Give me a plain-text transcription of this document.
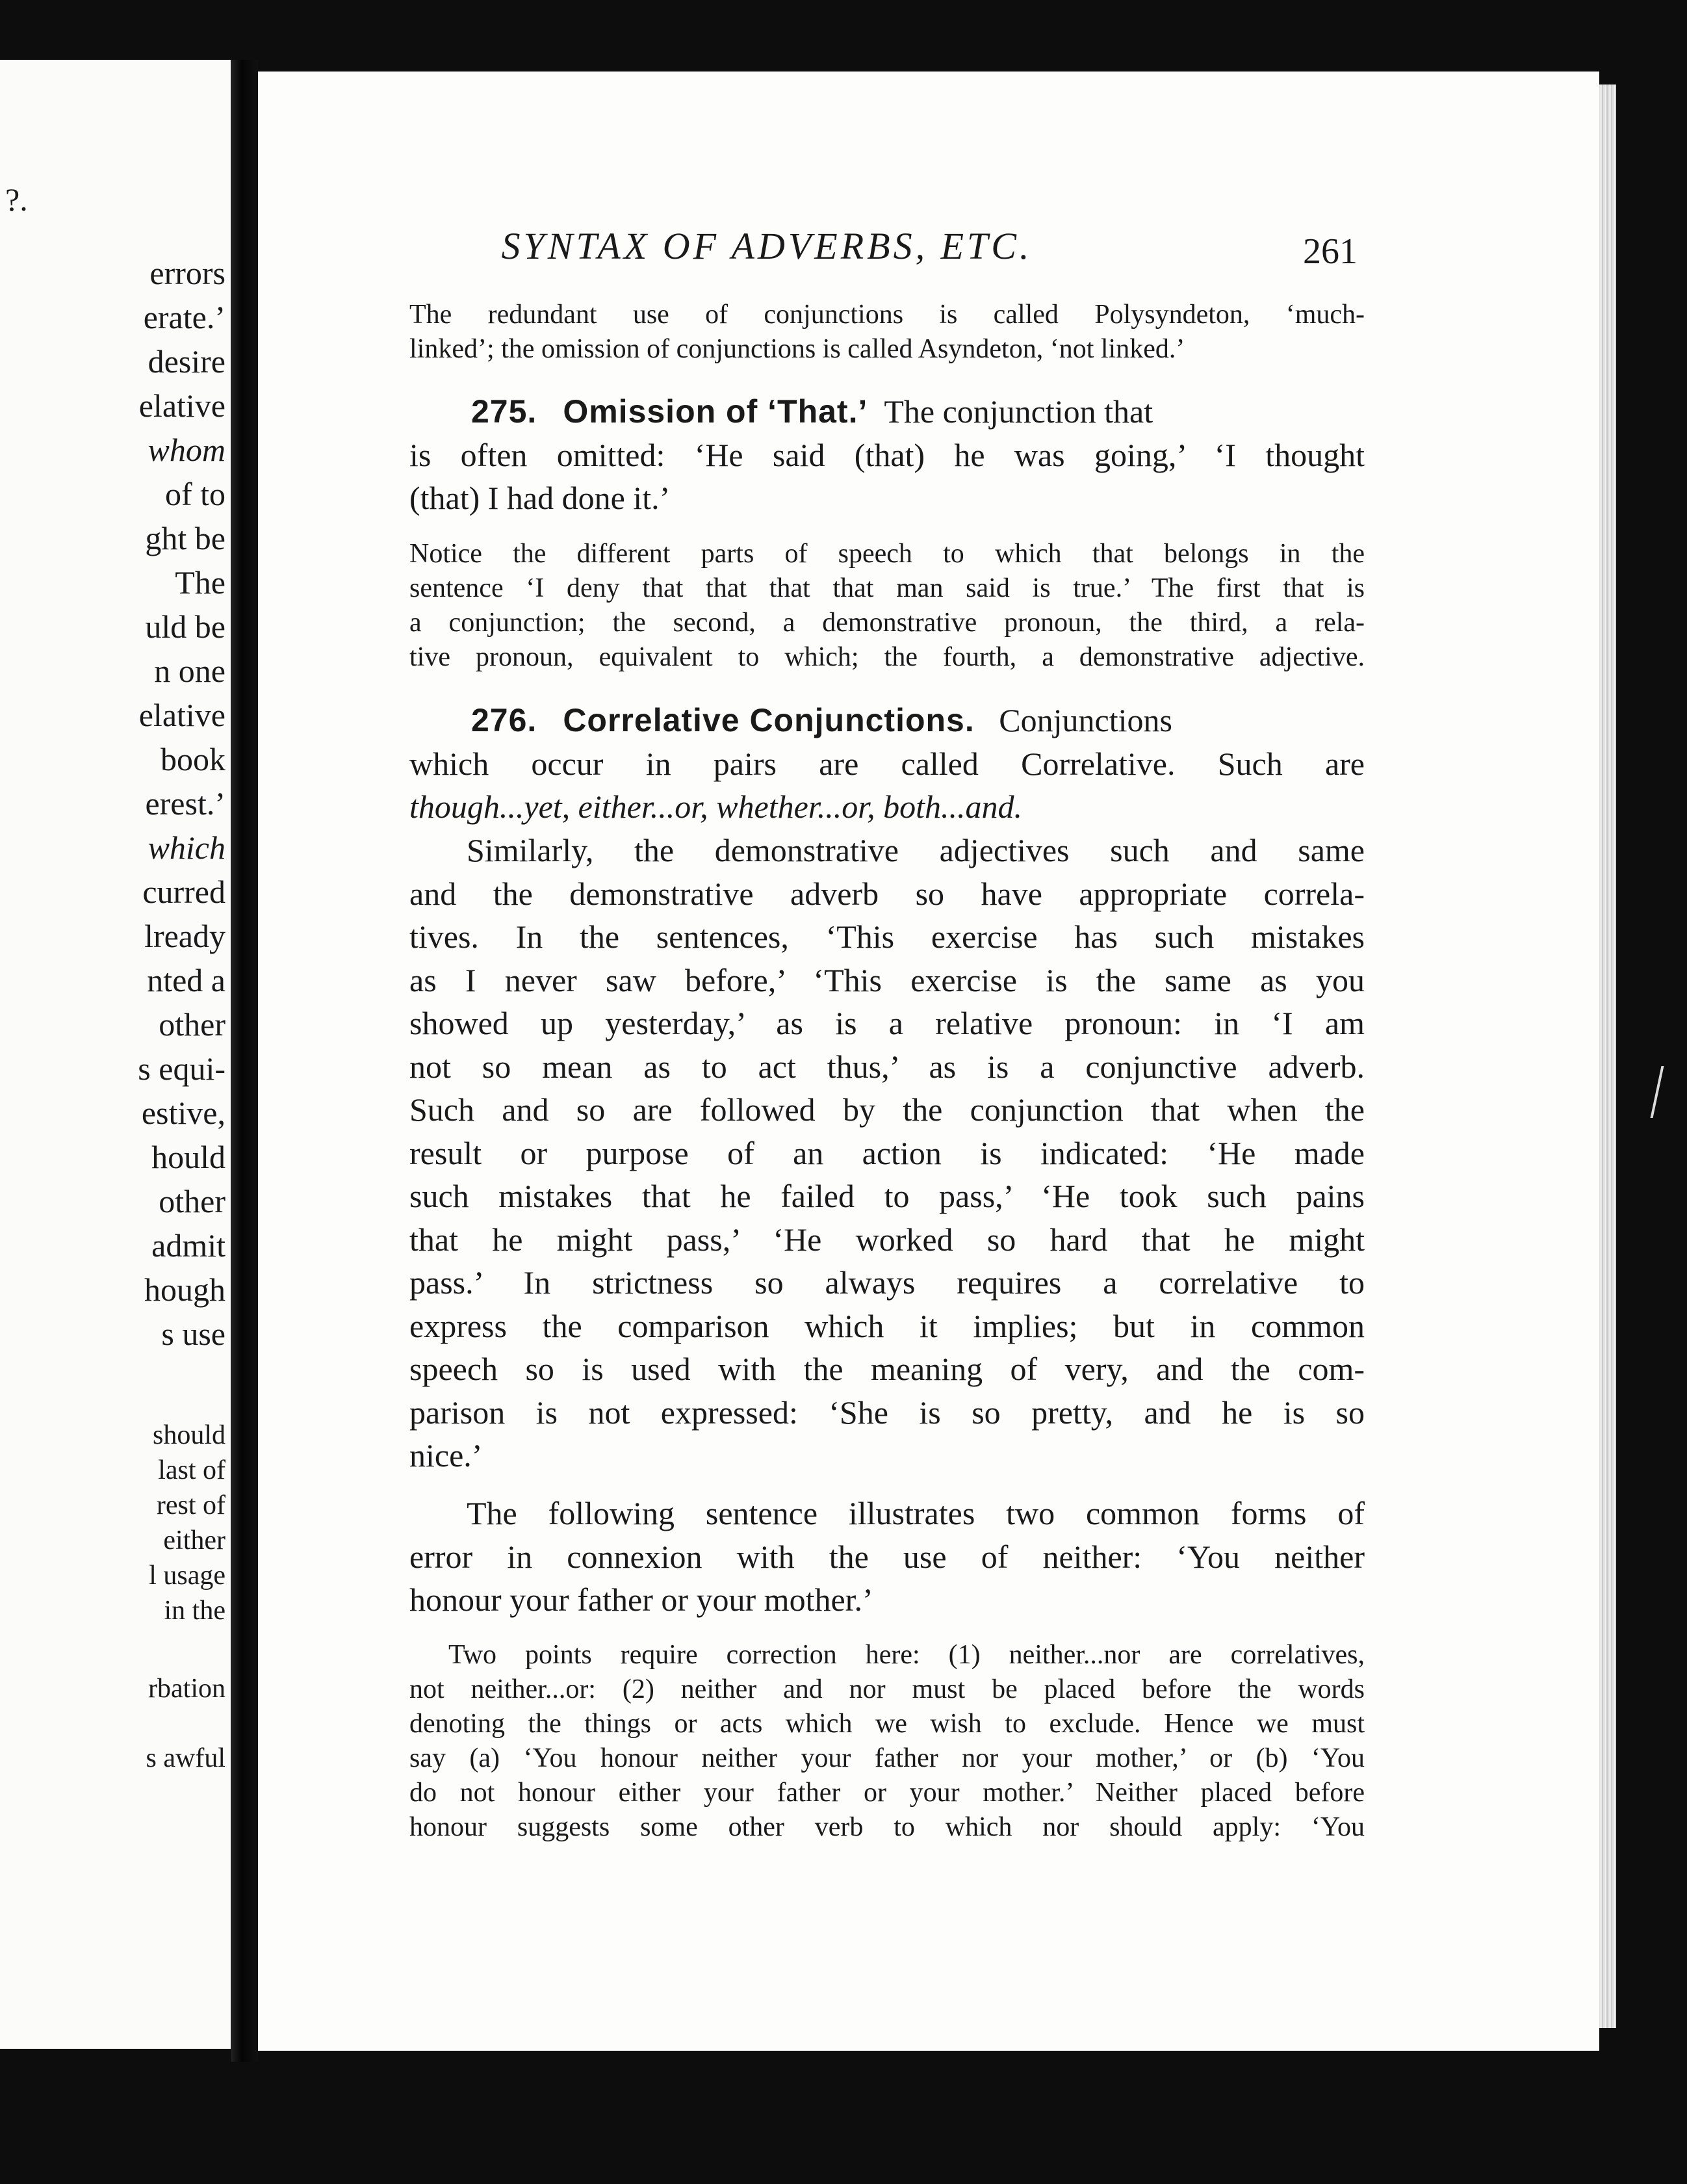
?.
errors
erate.’
desire
elative
whom
of to
ght be
The
uld be
n one
elative
book
erest.’
which
curred
lready
nted a
other
s equi-
estive,
hould
other
admit
hough
s use
should
last of
rest of
either
l usage
in the
rbation
s awful
SYNTAX OF ADVERBS, ETC.	261
The redundant use of conjunctions is called Polysyndeton, ‘much-
linked’; the omission of conjunctions is called Asyndeton, ‘not linked.’
275. Omission of ‘That.’ The conjunction that
is often omitted: ‘He said (that) he was going,’ ‘I thought
(that) I had done it.’
Notice the different parts of speech to which that belongs in the
sentence ‘I deny that that that that man said is true.’ The first that is
a conjunction; the second, a demonstrative pronoun, the third, a rela-
tive pronoun, equivalent to which; the fourth, a demonstrative adjective.
276. Correlative Conjunctions. Conjunctions
which occur in pairs are called Correlative. Such are
though...yet, either...or, whether...or, both...and.
Similarly, the demonstrative adjectives such and same
and the demonstrative adverb so have appropriate correla-
tives. In the sentences, ‘This exercise has such mistakes
as I never saw before,’ ‘This exercise is the same as you
showed up yesterday,’ as is a relative pronoun: in ‘I am
not so mean as to act thus,’ as is a conjunctive adverb.
Such and so are followed by the conjunction that when the
result or purpose of an action is indicated: ‘He made
such mistakes that he failed to pass,’ ‘He took such pains
that he might pass,’ ‘He worked so hard that he might
pass.’ In strictness so always requires a correlative to
express the comparison which it implies; but in common
speech so is used with the meaning of very, and the com-
parison is not expressed: ‘She is so pretty, and he is so
nice.’
The following sentence illustrates two common forms of
error in connexion with the use of neither: ‘You neither
honour your father or your mother.’
Two points require correction here: (1) neither...nor are correlatives,
not neither...or: (2) neither and nor must be placed before the words
denoting the things or acts which we wish to exclude. Hence we must
say (a) ‘You honour neither your father nor your mother,’ or (b) ‘You
do not honour either your father or your mother.’ Neither placed before
honour suggests some other verb to which nor should apply: ‘You
